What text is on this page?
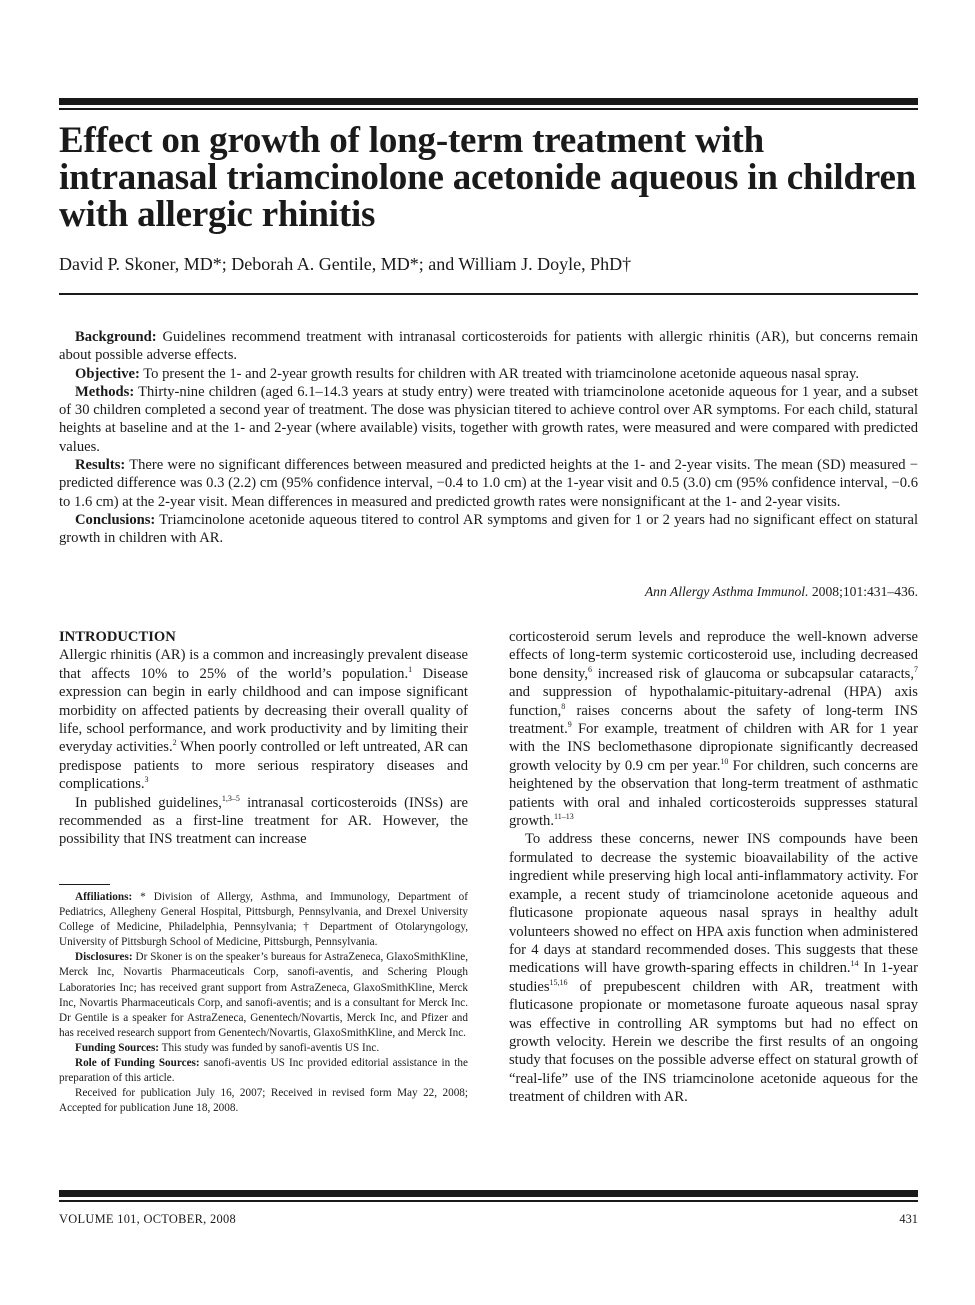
Effect on growth of long-term treatment with intranasal triamcinolone acetonide aqueous in children with allergic rhinitis

David P. Skoner, MD*; Deborah A. Gentile, MD*; and William J. Doyle, PhD†

Background: Guidelines recommend treatment with intranasal corticosteroids for patients with allergic rhinitis (AR), but concerns remain about possible adverse effects.

Objective: To present the 1- and 2-year growth results for children with AR treated with triamcinolone acetonide aqueous nasal spray.

Methods: Thirty-nine children (aged 6.1–14.3 years at study entry) were treated with triamcinolone acetonide aqueous for 1 year, and a subset of 30 children completed a second year of treatment. The dose was physician titered to achieve control over AR symptoms. For each child, statural heights at baseline and at the 1- and 2-year (where available) visits, together with growth rates, were measured and were compared with predicted values.

Results: There were no significant differences between measured and predicted heights at the 1- and 2-year visits. The mean (SD) measured − predicted difference was 0.3 (2.2) cm (95% confidence interval, −0.4 to 1.0 cm) at the 1-year visit and 0.5 (3.0) cm (95% confidence interval, −0.6 to 1.6 cm) at the 2-year visit. Mean differences in measured and predicted growth rates were nonsignificant at the 1- and 2-year visits.

Conclusions: Triamcinolone acetonide aqueous titered to control AR symptoms and given for 1 or 2 years had no significant effect on statural growth in children with AR.

Ann Allergy Asthma Immunol. 2008;101:431–436.

INTRODUCTION

Allergic rhinitis (AR) is a common and increasingly prevalent disease that affects 10% to 25% of the world’s population.$^1$ Disease expression can begin in early childhood and can impose significant morbidity on affected patients by decreasing their overall quality of life, school performance, and work productivity and by limiting their everyday activities.$^2$ When poorly controlled or left untreated, AR can predispose patients to more serious respiratory diseases and complications.$^3$

In published guidelines,$^{1,3-5}$ intranasal corticosteroids (INSs) are recommended as a first-line treatment for AR. However, the possibility that INS treatment can increase

Affiliations: * Division of Allergy, Asthma, and Immunology, Department of Pediatrics, Allegheny General Hospital, Pittsburgh, Pennsylvania, and Drexel University College of Medicine, Philadelphia, Pennsylvania; † Department of Otolaryngology, University of Pittsburgh School of Medicine, Pittsburgh, Pennsylvania.

Disclosures: Dr Skoner is on the speaker’s bureaus for AstraZeneca, GlaxoSmithKline, Merck Inc, Novartis Pharmaceuticals Corp, sanofi-aventis, and Schering Plough Laboratories Inc; has received grant support from AstraZeneca, GlaxoSmithKline, Merck Inc, Novartis Pharmaceuticals Corp, and sanofi-aventis; and is a consultant for Merck Inc. Dr Gentile is a speaker for AstraZeneca, Genentech/Novartis, Merck Inc, and Pfizer and has received research support from Genentech/Novartis, GlaxoSmithKline, and Merck Inc.

Funding Sources: This study was funded by sanofi-aventis US Inc.

Role of Funding Sources: sanofi-aventis US Inc provided editorial assistance in the preparation of this article.

Received for publication July 16, 2007; Received in revised form May 22, 2008; Accepted for publication June 18, 2008.

corticosteroid serum levels and reproduce the well-known adverse effects of long-term systemic corticosteroid use, including decreased bone density,$^6$ increased risk of glaucoma or subcapsular cataracts,$^7$ and suppression of hypothalamic-pituitary-adrenal (HPA) axis function,$^8$ raises concerns about the safety of long-term INS treatment.$^9$ For example, treatment of children with AR for 1 year with the INS beclomethasone dipropionate significantly decreased growth velocity by 0.9 cm per year.$^{10}$ For children, such concerns are heightened by the observation that long-term treatment of asthmatic patients with oral and inhaled corticosteroids suppresses statural growth.$^{11-13}$

To address these concerns, newer INS compounds have been formulated to decrease the systemic bioavailability of the active ingredient while preserving high local anti-inflammatory activity. For example, a recent study of triamcinolone acetonide aqueous and fluticasone propionate aqueous nasal sprays in healthy adult volunteers showed no effect on HPA axis function when administered for 4 days at standard recommended doses. This suggests that these medications will have growth-sparing effects in children.$^{14}$ In 1-year studies$^{15,16}$ of prepubescent children with AR, treatment with fluticasone propionate or mometasone furoate aqueous nasal spray was effective in controlling AR symptoms but had no effect on growth velocity. Herein we describe the first results of an ongoing study that focuses on the possible adverse effect on statural growth of “real-life” use of the INS triamcinolone acetonide aqueous for the treatment of children with AR.

VOLUME 101, OCTOBER, 2008	431
